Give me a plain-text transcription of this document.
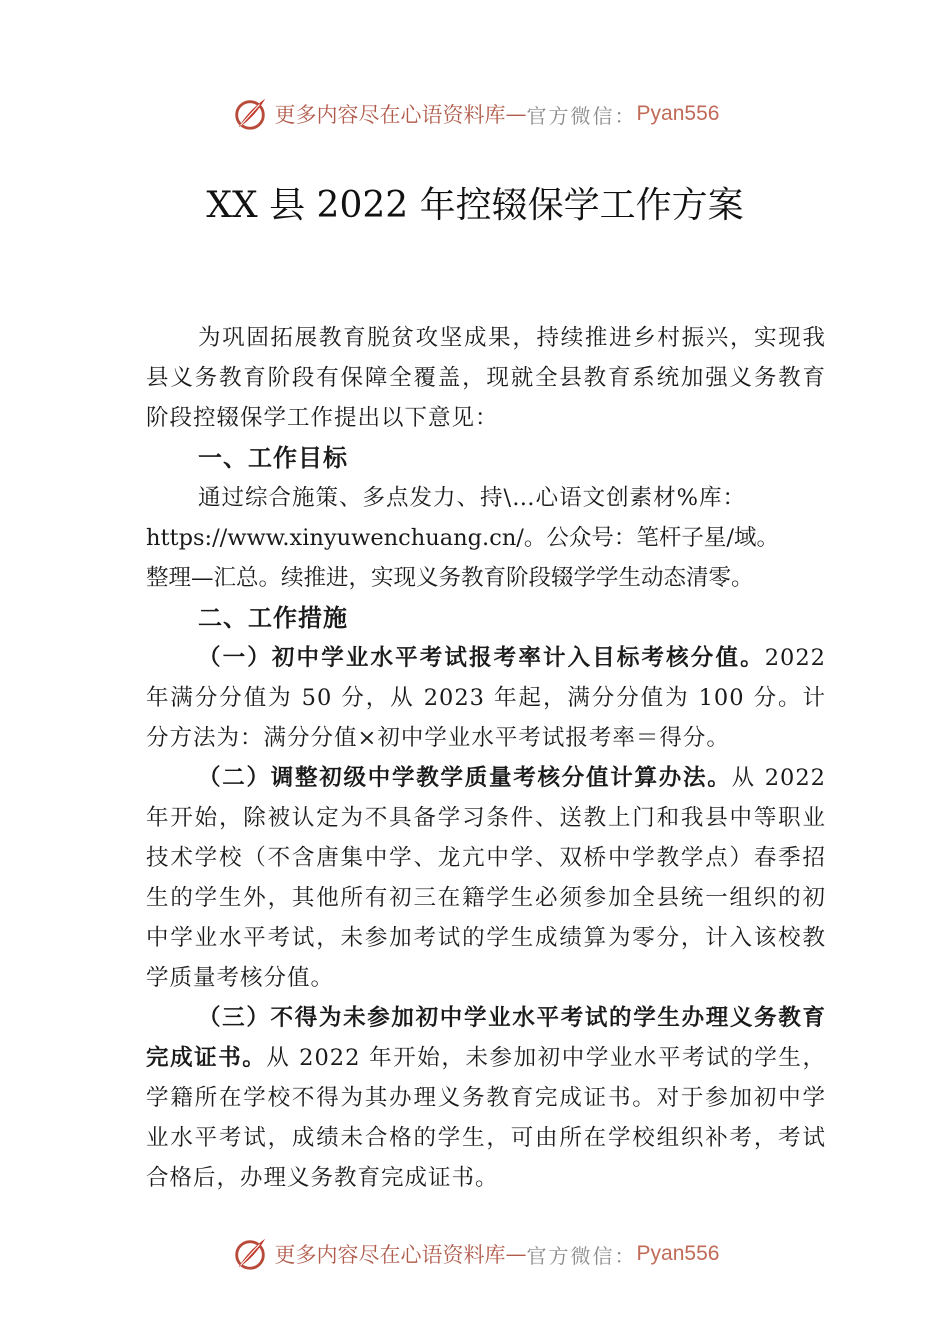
更多内容尽在心语资料库 — 官方微信： Pyan556
XX 县 2022 年控辍保学工作方案

为巩固拓展教育脱贫攻坚成果，持续推进乡村振兴，实现我县义务教育阶段有保障全覆盖，现就全县教育系统加强义务教育阶段控辍保学工作提出以下意见：

一、工作目标

通过综合施策、多点发力、持\…心语文创素材%库：

https://www.xinyuwenchuang.cn/。公众号：笔杆子星/域。

整理—汇总。续推进，实现义务教育阶段辍学学生动态清零。

二、工作措施

（一）初中学业水平考试报考率计入目标考核分值。2022 年满分分值为 50 分，从 2023 年起，满分分值为 100 分。计分方法为：满分分值×初中学业水平考试报考率＝得分。

（二）调整初级中学教学质量考核分值计算办法。从 2022 年开始，除被认定为不具备学习条件、送教上门和我县中等职业技术学校（不含唐集中学、龙亢中学、双桥中学教学点）春季招生的学生外，其他所有初三在籍学生必须参加全县统一组织的初中学业水平考试，未参加考试的学生成绩算为零分，计入该校教学质量考核分值。

（三）不得为未参加初中学业水平考试的学生办理义务教育完成证书。从 2022 年开始，未参加初中学业水平考试的学生，学籍所在学校不得为其办理义务教育完成证书。对于参加初中学业水平考试，成绩未合格的学生，可由所在学校组织补考，考试合格后，办理义务教育完成证书。

更多内容尽在心语资料库 — 官方微信： Pyan556
